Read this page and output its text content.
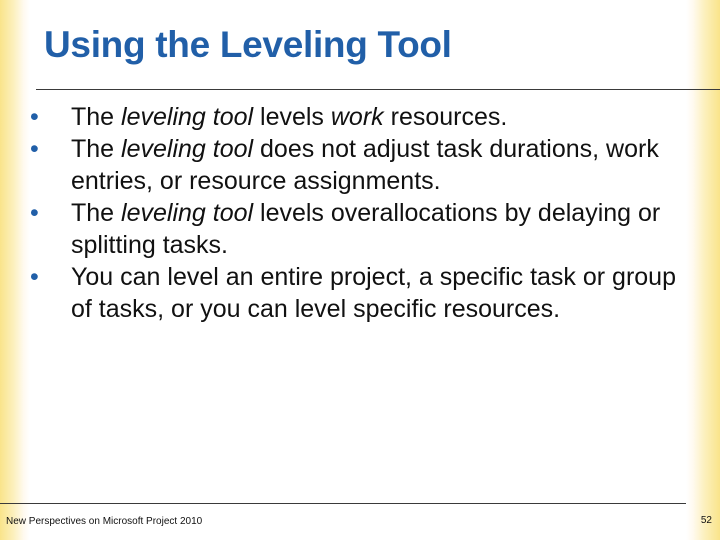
Using the Leveling Tool
•	The leveling tool levels work resources.
•	The leveling tool does not adjust task durations, work entries, or resource assignments.
•	The leveling tool levels overallocations by delaying or splitting tasks.
•	You can level an entire project, a specific task or group of tasks, or you can level specific resources.
New Perspectives on Microsoft Project 2010	52
